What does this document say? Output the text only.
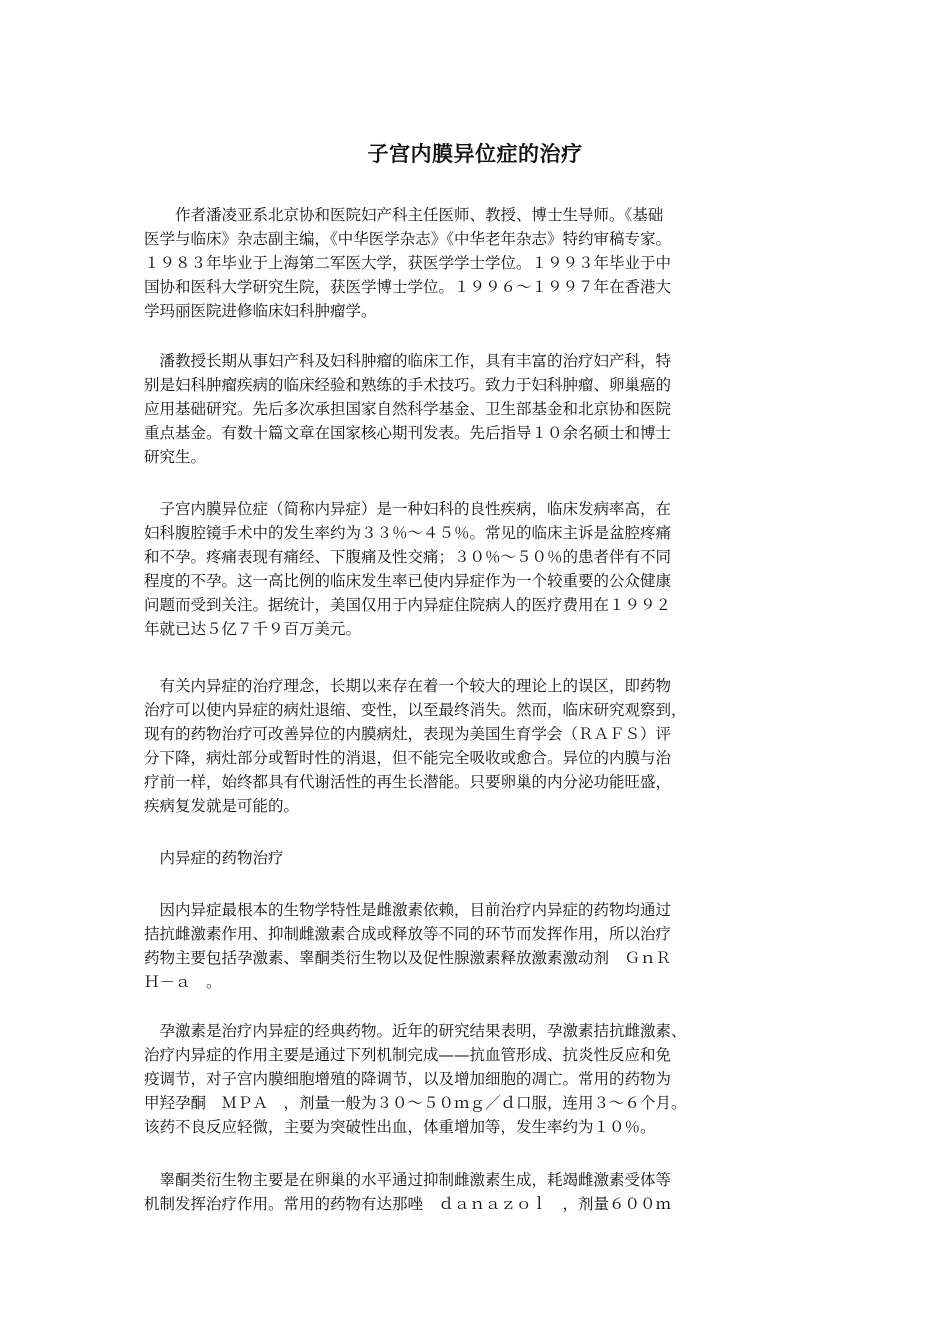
子宫内膜异位症的治疗
　　作者潘凌亚系北京协和医院妇产科主任医师、教授、博士生导师。《基础
医学与临床》杂志副主编，《中华医学杂志》《中华老年杂志》特约审稿专家。
１９８３年毕业于上海第二军医大学，获医学学士学位。１９９３年毕业于中
国协和医科大学研究生院，获医学博士学位。１９９６～１９９７年在香港大
学玛丽医院进修临床妇科肿瘤学。
　潘教授长期从事妇产科及妇科肿瘤的临床工作，具有丰富的治疗妇产科，特
别是妇科肿瘤疾病的临床经验和熟练的手术技巧。致力于妇科肿瘤、卵巢癌的
应用基础研究。先后多次承担国家自然科学基金、卫生部基金和北京协和医院
重点基金。有数十篇文章在国家核心期刊发表。先后指导１０余名硕士和博士
研究生。
　子宫内膜异位症（简称内异症）是一种妇科的良性疾病，临床发病率高，在
妇科腹腔镜手术中的发生率约为３３％～４５％。常见的临床主诉是盆腔疼痛
和不孕。疼痛表现有痛经、下腹痛及性交痛；３０％～５０％的患者伴有不同
程度的不孕。这一高比例的临床发生率已使内异症作为一个较重要的公众健康
问题而受到关注。据统计，美国仅用于内异症住院病人的医疗费用在１９９２
年就已达５亿７千９百万美元。
　有关内异症的治疗理念，长期以来存在着一个较大的理论上的误区，即药物
治疗可以使内异症的病灶退缩、变性，以至最终消失。然而，临床研究观察到，
现有的药物治疗可改善异位的内膜病灶，表现为美国生育学会（ＲＡＦＳ）评
分下降，病灶部分或暂时性的消退，但不能完全吸收或愈合。异位的内膜与治
疗前一样，始终都具有代谢活性的再生长潜能。只要卵巢的内分泌功能旺盛，
疾病复发就是可能的。
　内异症的药物治疗
　因内异症最根本的生物学特性是雌激素依赖，目前治疗内异症的药物均通过
拮抗雌激素作用、抑制雌激素合成或释放等不同的环节而发挥作用，所以治疗
药物主要包括孕激素、睾酮类衍生物以及促性腺激素释放激素激动剂　ＧｎＲ
Ｈ－ａ　。
　孕激素是治疗内异症的经典药物。近年的研究结果表明，孕激素拮抗雌激素、
治疗内异症的作用主要是通过下列机制完成——抗血管形成、抗炎性反应和免
疫调节，对子宫内膜细胞增殖的降调节，以及增加细胞的凋亡。常用的药物为
甲羟孕酮　ＭＰＡ　，剂量一般为３０～５０ｍｇ／ｄ口服，连用３～６个月。
该药不良反应轻微，主要为突破性出血，体重增加等，发生率约为１０％。
　睾酮类衍生物主要是在卵巢的水平通过抑制雌激素生成，耗竭雌激素受体等
机制发挥治疗作用。常用的药物有达那唑　ｄａｎａｚｏｌ　，剂量６００ｍ
